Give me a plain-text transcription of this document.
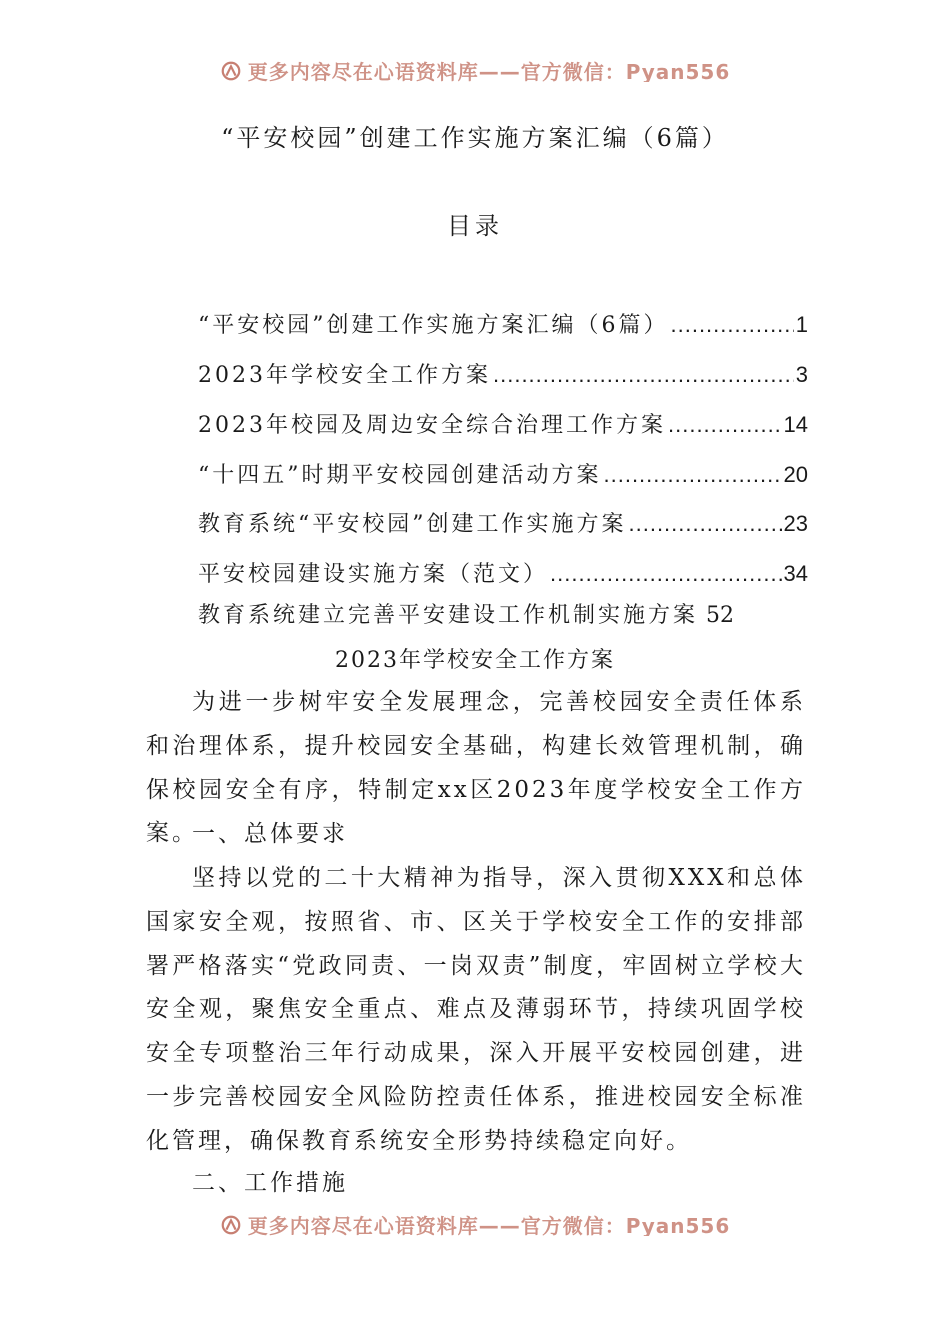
更多内容尽在心语资料库——官方微信：Pyan556
“平安校园”创建工作实施方案汇编（6篇）
目录
“平安校园”创建工作实施方案汇编（6篇） .....	1
2023年学校安全工作方案 .....	3
2023年校园及周边安全综合治理工作方案 .....	14
“十四五”时期平安校园创建活动方案 .....	20
教育系统“平安校园”创建工作实施方案 .....	23
平安校园建设实施方案（范文） .....	34
教育系统建立完善平安建设工作机制实施方案 52
2023年学校安全工作方案

为进一步树牢安全发展理念，完善校园安全责任体系和治理体系，提升校园安全基础，构建长效管理机制，确保校园安全有序，特制定xx区2023年度学校安全工作方案。

一、总体要求

坚持以党的二十大精神为指导，深入贯彻XXX和总体国家安全观，按照省、市、区关于学校安全工作的安排部署严格落实“党政同责、一岗双责”制度，牢固树立学校大安全观，聚焦安全重点、难点及薄弱环节，持续巩固学校安全专项整治三年行动成果，深入开展平安校园创建，进一步完善校园安全风险防控责任体系，推进校园安全标准化管理，确保教育系统安全形势持续稳定向好。

二、工作措施

更多内容尽在心语资料库——官方微信：Pyan556
